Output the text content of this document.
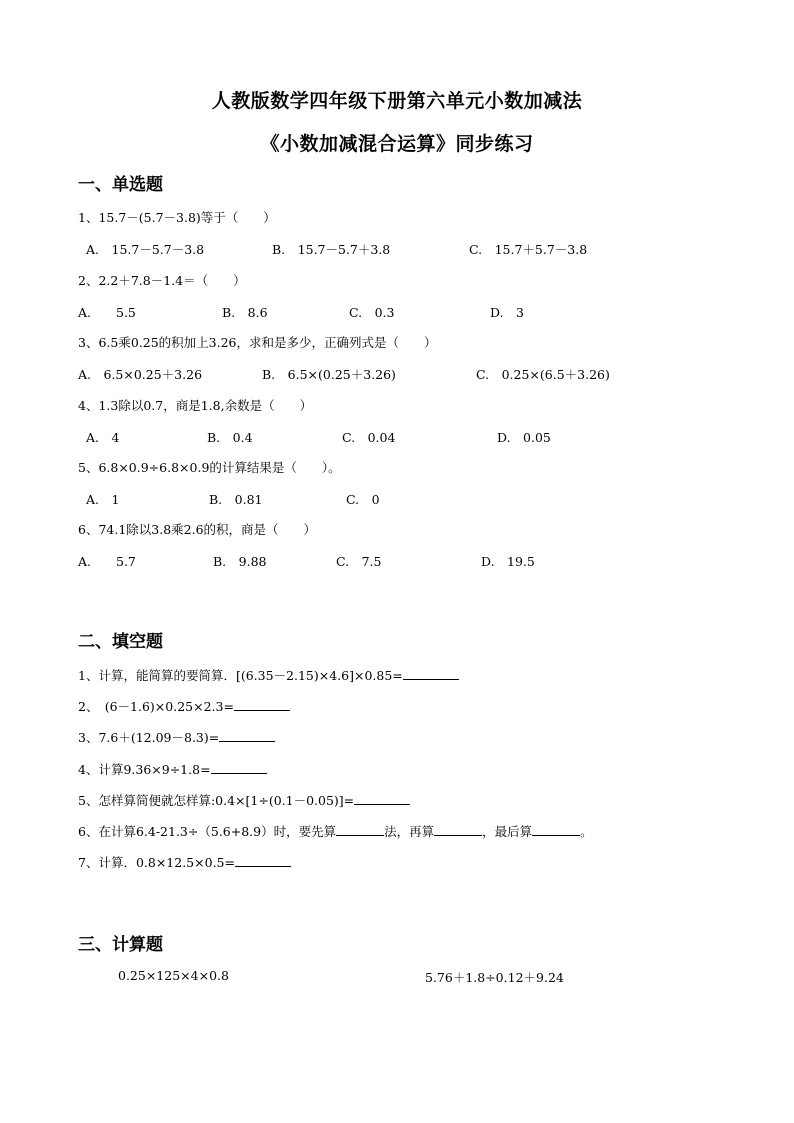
人教版数学四年级下册第六单元小数加减法
《小数加减混合运算》同步练习
一、单选题
1、15.7－(5.7－3.8)等于（　　）
A.　15.7－5.7－3.8	B.　15.7－5.7＋3.8	C.　15.7＋5.7－3.8
2、2.2＋7.8－1.4＝（　　）
A.　　5.5	B.　8.6	C.　0.3	D.　3
3、6.5乘0.25的积加上3.26，求和是多少，正确列式是（　　）
A.　6.5×0.25＋3.26	B.　6.5×(0.25＋3.26)	C.　0.25×(6.5＋3.26)
4、1.3除以0.7，商是1.8,余数是（　　）
A.　4	B.　0.4	C.　0.04	D.　0.05
5、6.8×0.9÷6.8×0.9的计算结果是（　　）。
A.　1	B.　0.81	C.　0
6、74.1除以3.8乘2.6的积，商是（　　）
A.　　5.7	B.　9.88	C.　7.5	D.　19.5
二、填空题
1、计算，能简算的要简算．[(6.35－2.15)×4.6]×0.85=
2、　(6－1.6)×0.25×2.3=
3、7.6＋(12.09－8.3)=
4、计算9.36×9÷1.8=
5、怎样算简便就怎样算:0.4×[1÷(0.1－0.05)]=
6、在计算6.4-21.3÷（5.6+8.9）时，要先算	法，再算	，最后算	。
7、计算．0.8×12.5×0.5=
三、计算题
0.25×125×4×0.8	5.76＋1.8÷0.12＋9.24
